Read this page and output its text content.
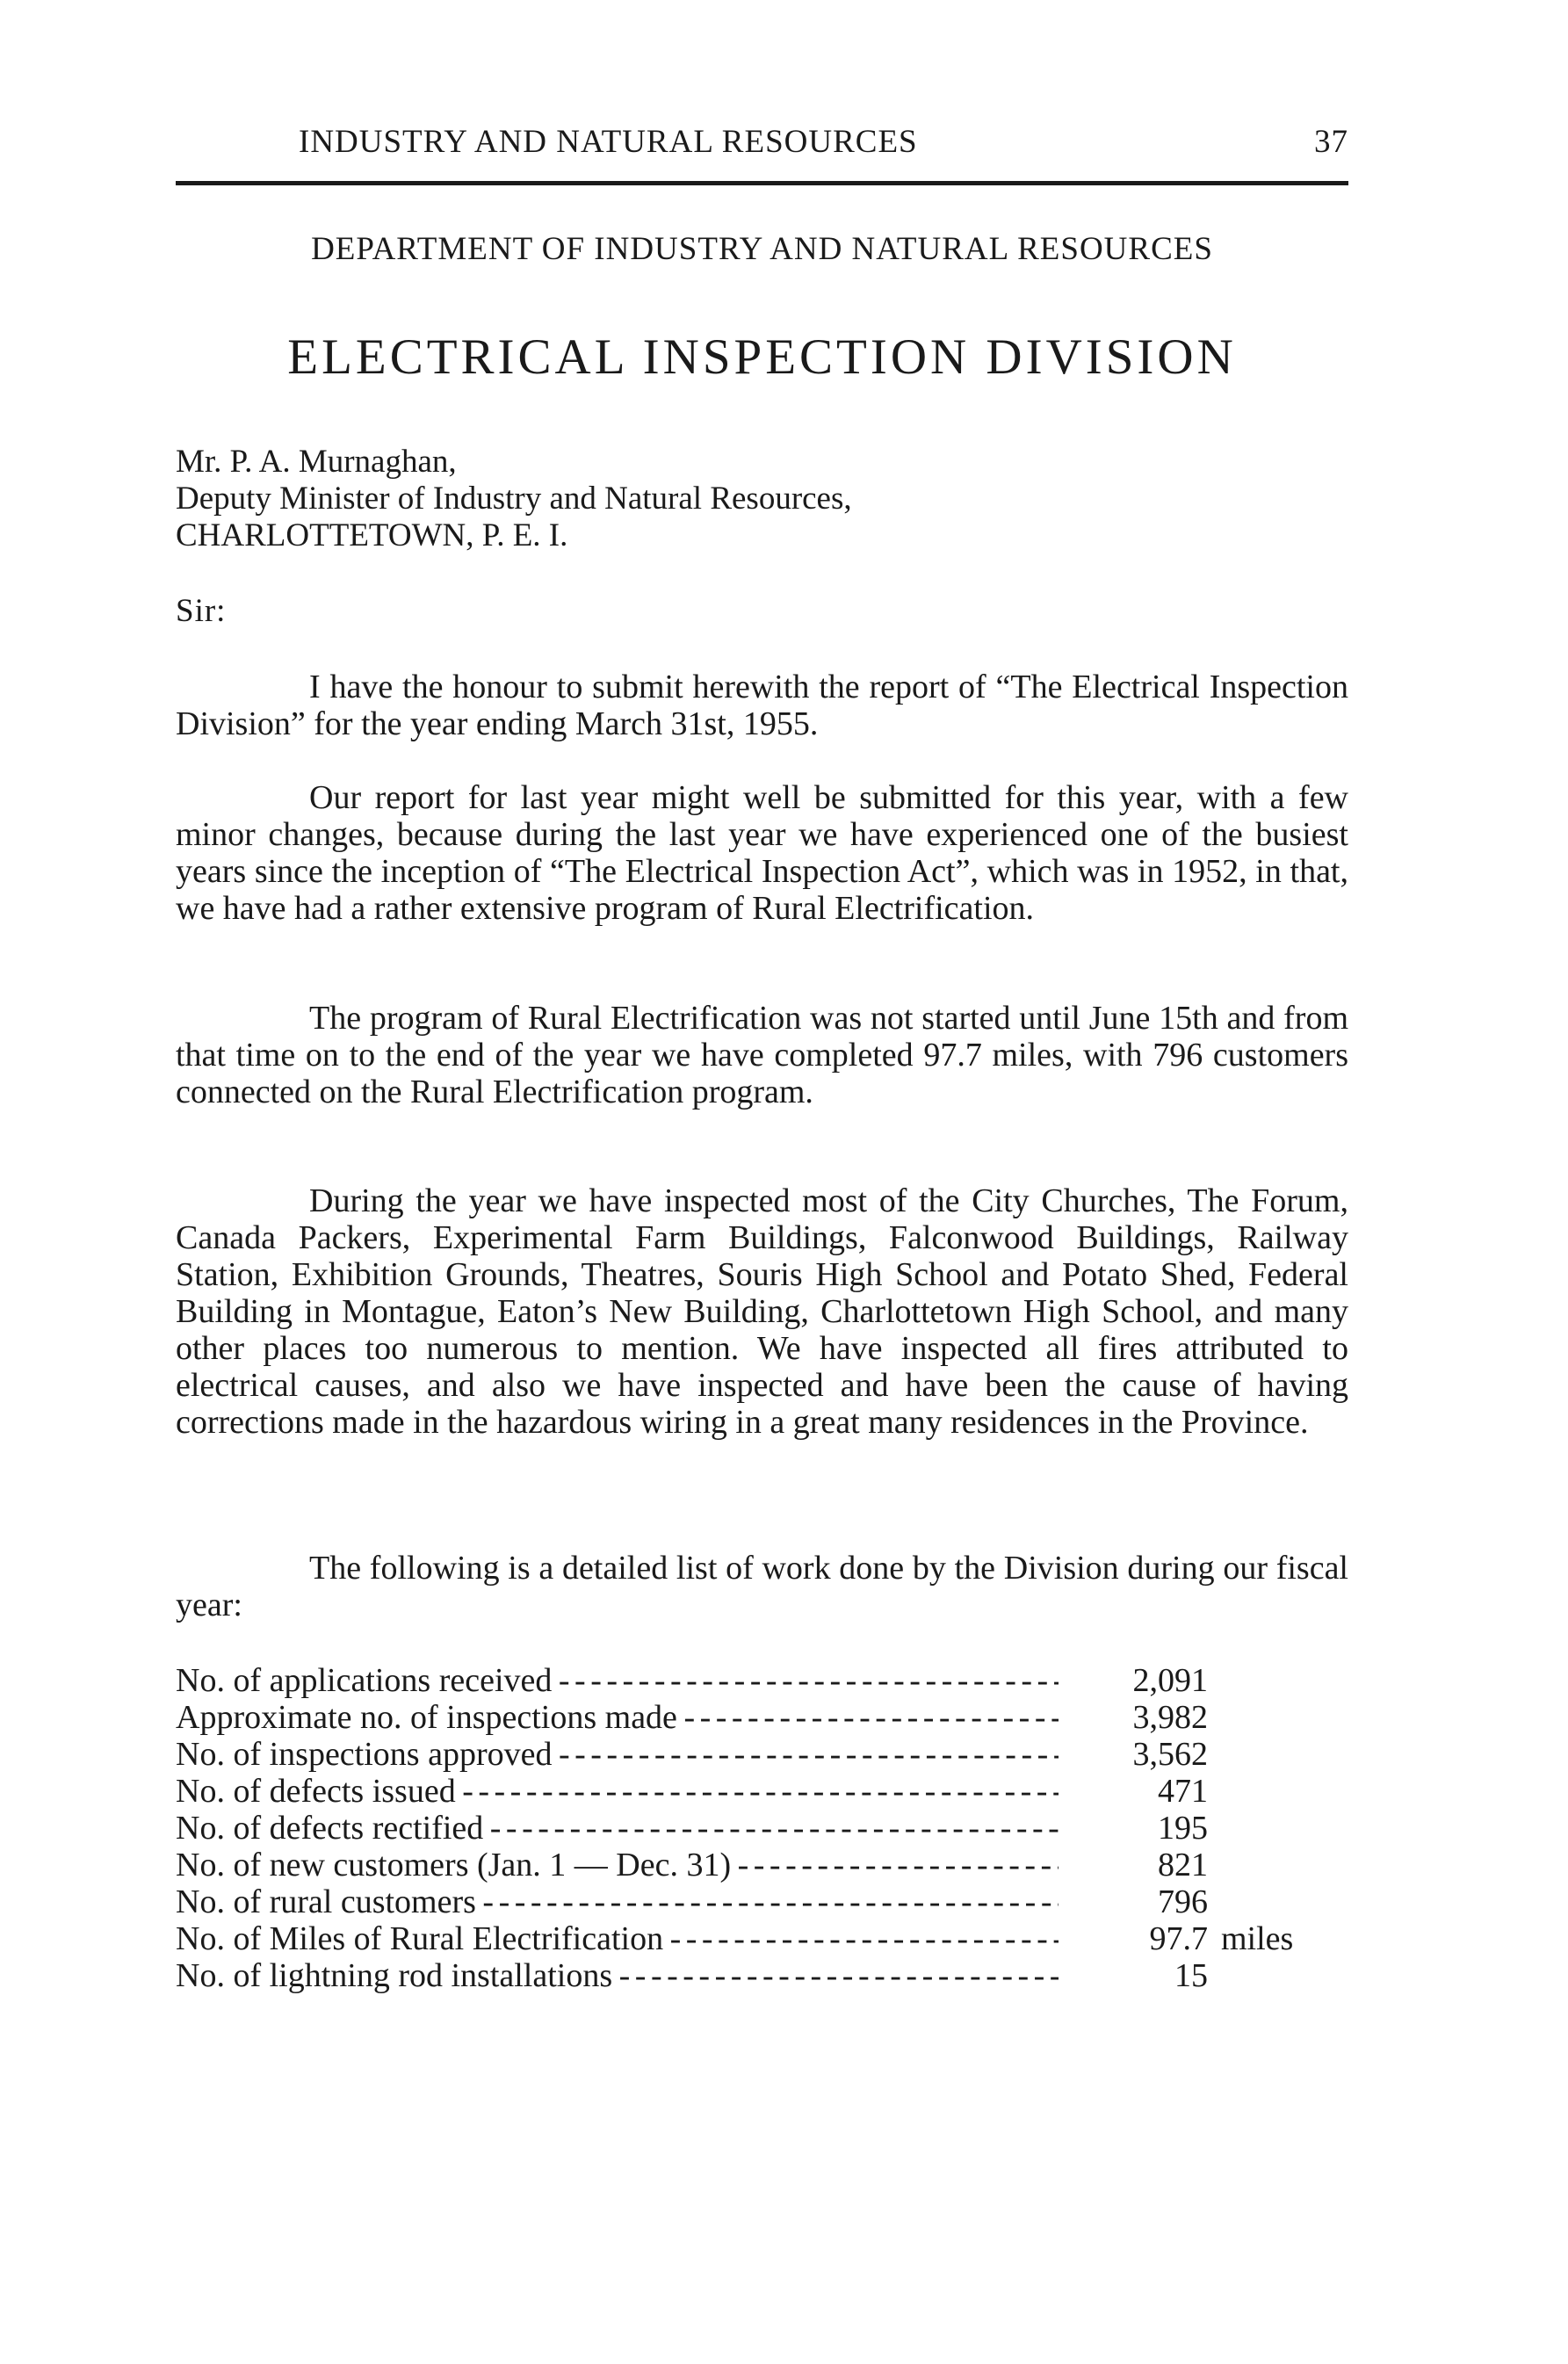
INDUSTRY AND NATURAL RESOURCES	37
DEPARTMENT OF INDUSTRY AND NATURAL RESOURCES
ELECTRICAL INSPECTION DIVISION
Mr. P. A. Murnaghan,
Deputy Minister of Industry and Natural Resources,
CHARLOTTETOWN, P. E. I.
Sir:

I have the honour to submit herewith the report of “The Electrical Inspection Division” for the year ending March 31st, 1955.

Our report for last year might well be submitted for this year, with a few minor changes, because during the last year we have experienced one of the busiest years since the inception of “The Electrical Inspection Act”, which was in 1952, in that, we have had a rather extensive program of Rural Electrification.

The program of Rural Electrification was not started until June 15th and from that time on to the end of the year we have completed 97.7 miles, with 796 customers connected on the Rural Electrification program.

During the year we have inspected most of the City Churches, The Forum, Canada Packers, Experimental Farm Buildings, Falconwood Buildings, Railway Station, Exhibition Grounds, Theatres, Souris High School and Potato Shed, Federal Building in Montague, Eaton’s New Building, Charlottetown High School, and many other places too numerous to mention. We have inspected all fires attributed to electrical causes, and also we have inspected and have been the cause of having corrections made in the hazardous wiring in a great many residences in the Province.

The following is a detailed list of work done by the Division during our fiscal year:

No. of applications received - - -	2,091
Approximate no. of inspections made - - -	3,982
No. of inspections approved - - -	3,562
No. of defects issued - - -	471
No. of defects rectified - - -	195
No. of new customers (Jan. 1 — Dec. 31) - - -	821
No. of rural customers - - -	796
No. of Miles of Rural Electrification - - -	97.7 miles
No. of lightning rod installations - - -	15
